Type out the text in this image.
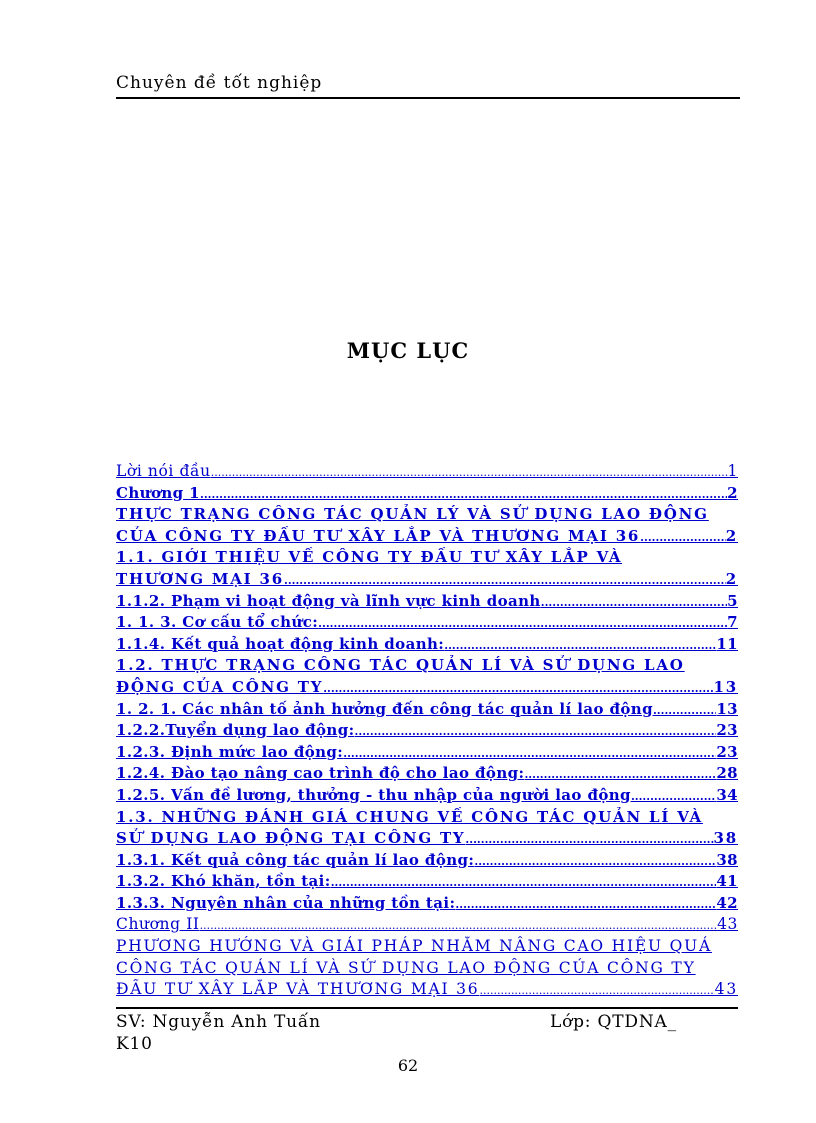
Chuyên đề tốt nghiệp
MỤC LỤC
Lời nói đầu .....	1
Chương 1 .....	2
THỰC TRẠNG CÔNG TÁC QUẢN LÝ VÀ SỬ DỤNG LAO ĐỘNG
CỦA CÔNG TY ĐẦU TƯ XÂY LẮP VÀ THƯƠNG MẠI 36 .....	2
1.1. GIỚI THIỆU VỀ CÔNG TY ĐẦU TƯ XÂY LẮP VÀ
THƯƠNG MẠI 36 .....	2
1.1.2. Phạm vi hoạt động và lĩnh vực kinh doanh .....	5
1. 1. 3. Cơ cấu tổ chức: .....	7
1.1.4. Kết quả hoạt động kinh doanh: .....	11
1.2. THỰC TRẠNG CÔNG TÁC QUẢN LÍ VÀ SỬ DỤNG LAO
ĐỘNG CỦA CÔNG TY .....	13
1. 2. 1. Các nhân tố ảnh hưởng đến công tác quản lí lao động .....	13
1.2.2.Tuyển dụng lao động: .....	23
1.2.3. Định mức lao động: .....	23
1.2.4. Đào tạo nâng cao trình độ cho lao động: .....	28
1.2.5. Vấn đề lương, thưởng - thu nhập của người lao động .....	34
1.3. NHỮNG ĐÁNH GIÁ CHUNG VỀ CÔNG TÁC QUẢN LÍ VÀ
SỬ DỤNG LAO ĐỘNG TẠI CÔNG TY .....	38
1.3.1. Kết quả công tác quản lí lao động: .....	38
1.3.2. Khó khăn, tồn tại: .....	41
1.3.3. Nguyên nhân của những tồn tại: .....	42
Chương II .....	43
PHƯƠNG HƯỚNG VÀ GIẢI PHÁP NHẰM NÂNG CAO HIỆU QUẢ
CÔNG TÁC QUẢN LÍ VÀ SỬ DỤNG LAO ĐỘNG CỦA CÔNG TY
ĐẦU TƯ XÂY LẮP VÀ THƯƠNG MẠI 36 .....	43
SV: Nguyễn Anh Tuấn	Lớp: QTDNA_
K10
62
